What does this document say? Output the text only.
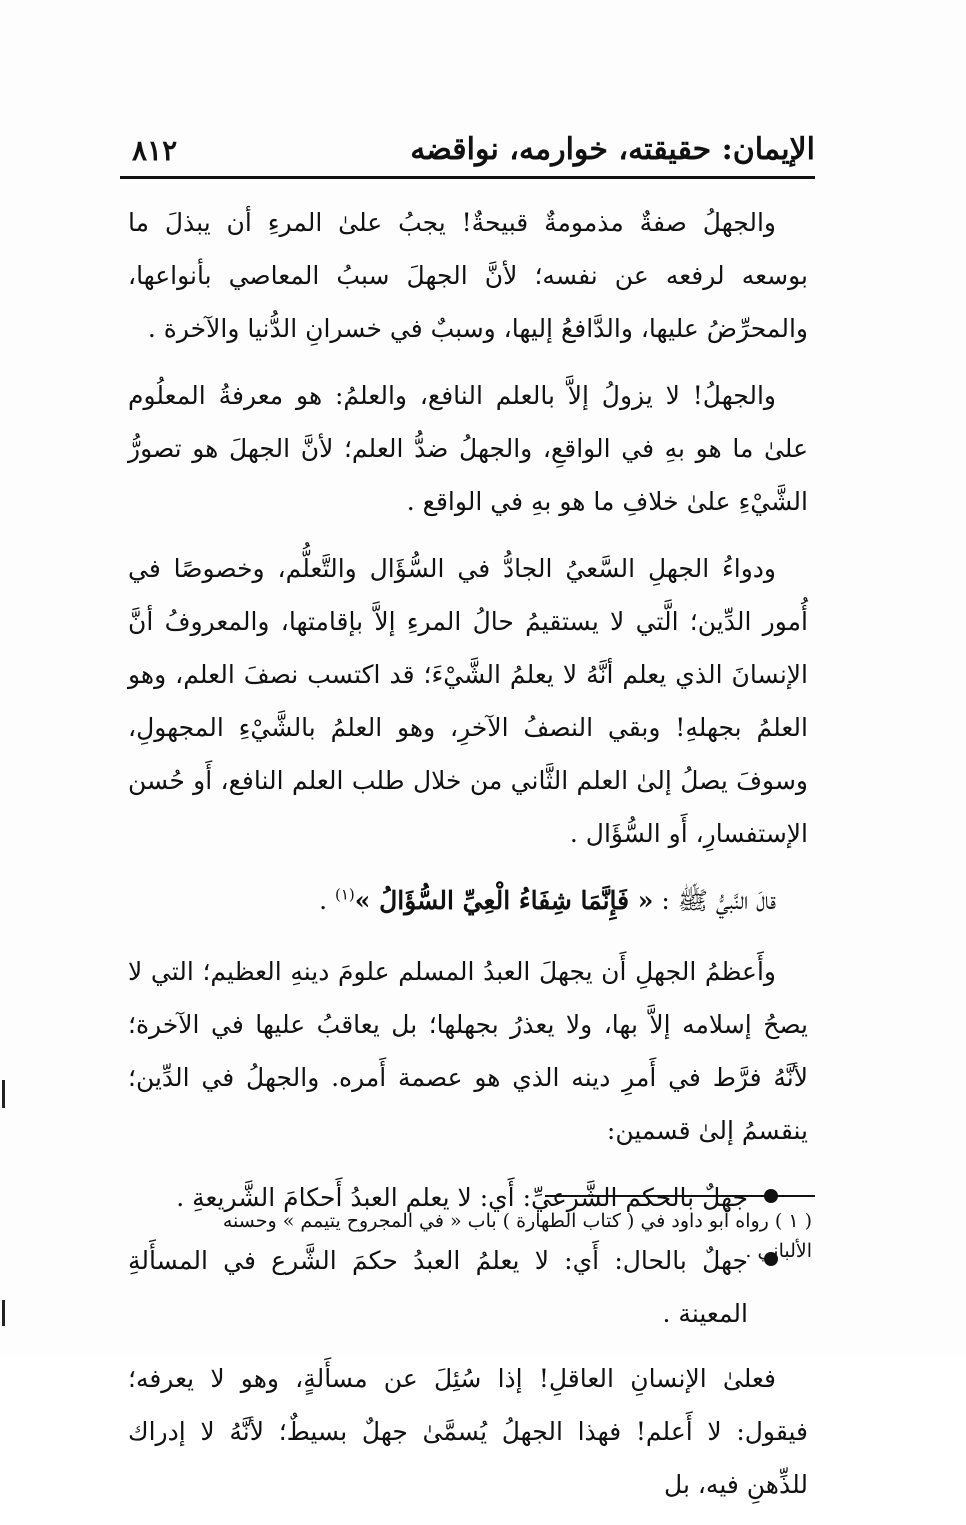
الإيمان: حقيقته، خوارمه، نواقضه
٨١٢

والجهلُ صفةٌ مذمومةٌ قبيحةٌ! يجبُ علىٰ المرءِ أن يبذلَ ما بوسعه لرفعه عن نفسه؛ لأنَّ الجهلَ سببُ المعاصي بأنواعها، والمحرِّضُ عليها، والدَّافعُ إليها، وسببٌ في خسرانِ الدُّنيا والآخرة .

والجهلُ! لا يزولُ إلاَّ بالعلم النافع، والعلمُ: هو معرفةُ المعلُوم علىٰ ما هو بهِ في الواقعِ، والجهلُ ضدُّ العلم؛ لأنَّ الجهلَ هو تصورُّ الشَّيْءِ علىٰ خلافِ ما هو بهِ في الواقع .

ودواءُ الجهلِ السَّعيُ الجادُّ في السُّؤَال والتَّعلُّم، وخصوصًا في أُمور الدِّين؛ الَّتي لا يستقيمُ حالُ المرءِ إلاَّ بإقامتها، والمعروفُ أنَّ الإنسانَ الذي يعلم أنَّهُ لا يعلمُ الشَّيْءَ؛ قد اكتسب نصفَ العلم، وهو العلمُ بجهلهِ! وبقي النصفُ الآخرِ، وهو العلمُ بالشَّيْءِ المجهولِ، وسوفَ يصلُ إلىٰ العلم الثَّاني من خلال طلب العلم النافع، أَو حُسن الإستفسارِ، أَو السُّؤَال .

قالَ النَّبيُّ ﷺ : « فَإِنَّمَا شِفَاءُ الْعِيِّ السُّؤَالُ »$^{(١)}$ .

وأَعظمُ الجهلِ أَن يجهلَ العبدُ المسلم علومَ دينهِ العظيم؛ التي لا يصحُ إسلامه إلاَّ بها، ولا يعذرُ بجهلها؛ بل يعاقبُ عليها في الآخرة؛ لأنَّهُ فرَّط في أَمرِ دينه الذي هو عصمة أَمره. والجهلُ في الدِّين؛ ينقسمُ إلىٰ قسمين:

جهلٌ بالحكم الشَّرعيِّ: أَي: لا يعلم العبدُ أَحكامَ الشَّريعةِ .
جهلٌ بالحال: أَي: لا يعلمُ العبدُ حكمَ الشَّرع في المسأَلةِ المعينة .

فعلىٰ الإنسانِ العاقلِ! إذا سُئِلَ عن مسأَلةٍ، وهو لا يعرفه؛ فيقول: لا أَعلم! فهذا الجهلُ يُسمَّىٰ جهلٌ بسيطٌ؛ لأنَّهُ لا إدراك للذِّهنِ فيه، بل

( ١ ) رواه أبو داود في ( كتاب الطهارة ) باب « في المجروح يتيمم » وحسنه الألباني .
